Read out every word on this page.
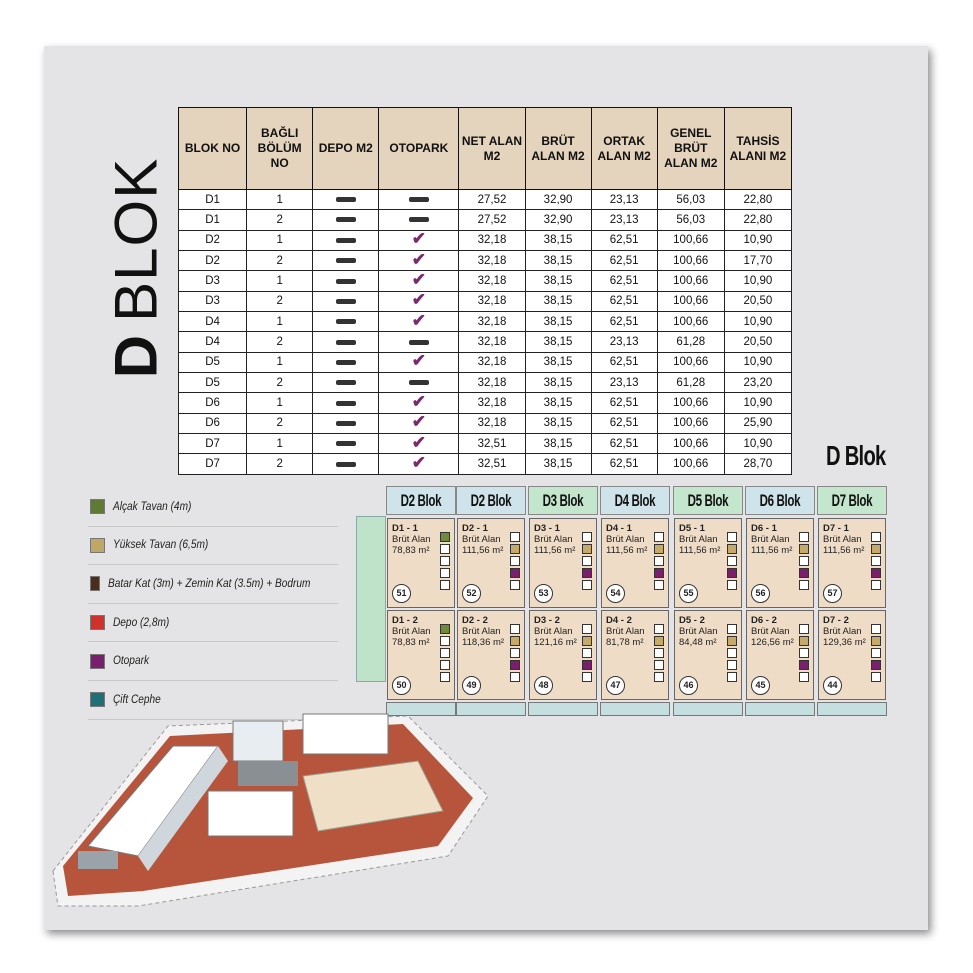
DBLOK
BLOK NO	BAĞLI BÖLÜM NO	DEPO M2	OTOPARK	NET ALAN M2	BRÜT ALAN M2	ORTAK ALAN M2	GENEL BRÜT ALAN M2	TAHSİS ALANI M2
D1	1			27,52	32,90	23,13	56,03	22,80
D1	2			27,52	32,90	23,13	56,03	22,80
D2	1		✔	32,18	38,15	62,51	100,66	10,90
D2	2		✔	32,18	38,15	62,51	100,66	17,70
D3	1		✔	32,18	38,15	62,51	100,66	10,90
D3	2		✔	32,18	38,15	62,51	100,66	20,50
D4	1		✔	32,18	38,15	62,51	100,66	10,90
D4	2			32,18	38,15	23,13	61,28	20,50
D5	1		✔	32,18	38,15	62,51	100,66	10,90
D5	2			32,18	38,15	23,13	61,28	23,20
D6	1		✔	32,18	38,15	62,51	100,66	10,90
D6	2		✔	32,18	38,15	62,51	100,66	25,90
D7	1		✔	32,51	38,15	62,51	100,66	10,90
D7	2		✔	32,51	38,15	62,51	100,66	28,70 D Blok
Alçak Tavan (4m)
Yüksek Tavan (6,5m)
Batar Kat (3m) + Zemin Kat (3.5m) + Bodrum
Depo (2,8m)
Otopark
Çift Cephe
D2 Blok D2 Blok D3 Blok D4 Blok D5 Blok D6 Blok D7 Blok
D1 - 1
Brüt Alan
78,83 m²
51
D2 - 1
Brüt Alan
111,56 m²
52
D3 - 1
Brüt Alan
111,56 m²
53
D4 - 1
Brüt Alan
111,56 m²
54
D5 - 1
Brüt Alan
111,56 m²
55
D6 - 1
Brüt Alan
111,56 m²
56
D7 - 1
Brüt Alan
111,56 m²
57
D1 - 2
Brüt Alan
78,83 m²
50
D2 - 2
Brüt Alan
118,36 m²
49
D3 - 2
Brüt Alan
121,16 m²
48
D4 - 2
Brüt Alan
81,78 m²
47
D5 - 2
Brüt Alan
84,48 m²
46
D6 - 2
Brüt Alan
126,56 m²
45
D7 - 2
Brüt Alan
129,36 m²
44
